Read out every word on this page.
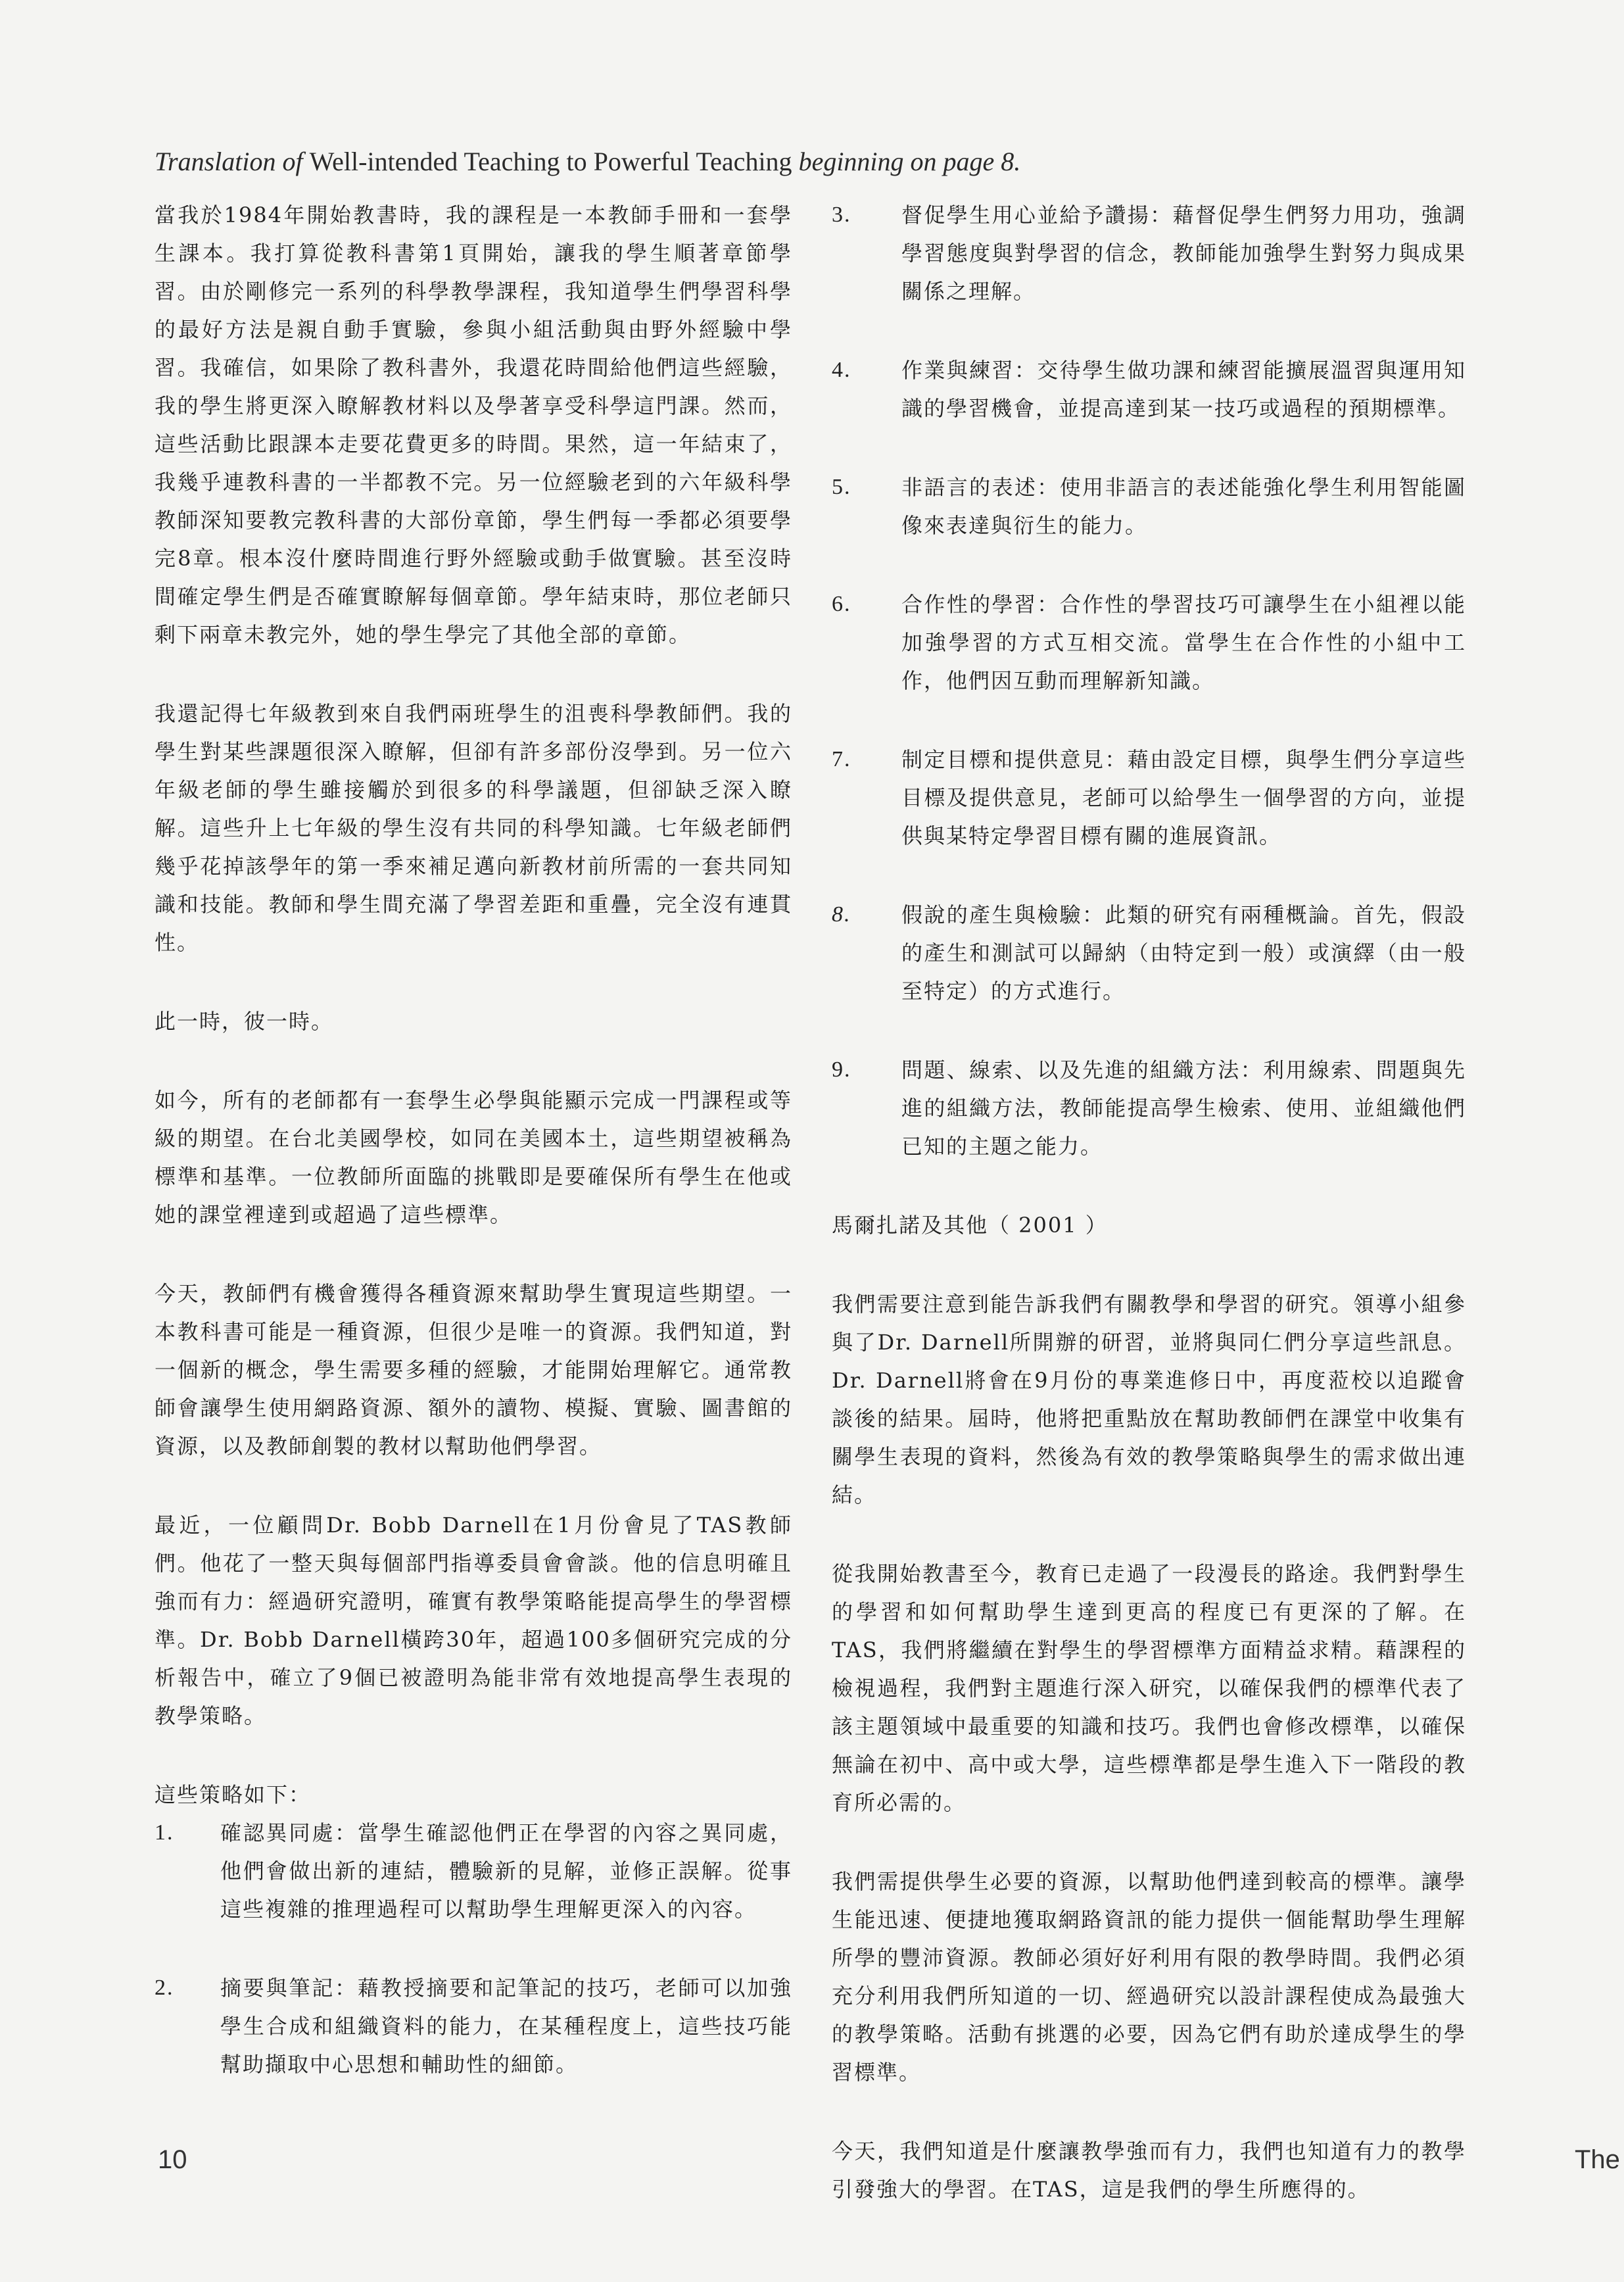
Translation of Well-intended Teaching to Powerful Teaching beginning on page 8.

當我於1984年開始教書時，我的課程是一本教師手冊和一套學生課本。我打算從教科書第1頁開始，讓我的學生順著章節學習。由於剛修完一系列的科學教學課程，我知道學生們學習科學的最好方法是親自動手實驗，參與小組活動與由野外經驗中學習。我確信，如果除了教科書外，我還花時間給他們這些經驗，我的學生將更深入瞭解教材料以及學著享受科學這門課。然而，這些活動比跟課本走要花費更多的時間。果然，這一年結束了，我幾乎連教科書的一半都教不完。另一位經驗老到的六年級科學教師深知要教完教科書的大部份章節，學生們每一季都必須要學完8章。根本沒什麼時間進行野外經驗或動手做實驗。甚至沒時間確定學生們是否確實瞭解每個章節。學年結束時，那位老師只剩下兩章未教完外，她的學生學完了其他全部的章節。

我還記得七年級教到來自我們兩班學生的沮喪科學教師們。我的學生對某些課題很深入瞭解，但卻有許多部份沒學到。另一位六年級老師的學生雖接觸於到很多的科學議題，但卻缺乏深入瞭解。這些升上七年級的學生沒有共同的科學知識。七年級老師們幾乎花掉該學年的第一季來補足邁向新教材前所需的一套共同知識和技能。教師和學生間充滿了學習差距和重疊，完全沒有連貫性。

此一時，彼一時。

如今，所有的老師都有一套學生必學與能顯示完成一門課程或等級的期望。在台北美國學校，如同在美國本土，這些期望被稱為標準和基準。一位教師所面臨的挑戰即是要確保所有學生在他或她的課堂裡達到或超過了這些標準。

今天，教師們有機會獲得各種資源來幫助學生實現這些期望。一本教科書可能是一種資源，但很少是唯一的資源。我們知道，對一個新的概念，學生需要多種的經驗，才能開始理解它。通常教師會讓學生使用網路資源、額外的讀物、模擬、實驗、圖書館的資源，以及教師創製的教材以幫助他們學習。

最近，一位顧問Dr. Bobb Darnell在1月份會見了TAS教師們。他花了一整天與每個部門指導委員會會談。他的信息明確且強而有力：經過研究證明，確實有教學策略能提高學生的學習標準。Dr. Bobb Darnell橫跨30年，超過100多個研究完成的分析報告中，確立了9個已被證明為能非常有效地提高學生表現的教學策略。

這些策略如下：

1.	確認異同處：當學生確認他們正在學習的內容之異同處，他們會做出新的連結，體驗新的見解，並修正誤解。從事這些複雜的推理過程可以幫助學生理解更深入的內容。
2.	摘要與筆記：藉教授摘要和記筆記的技巧，老師可以加強學生合成和組織資料的能力，在某種程度上，這些技巧能幫助擷取中心思想和輔助性的細節。
3.	督促學生用心並給予讚揚：藉督促學生們努力用功，強調學習態度與對學習的信念，教師能加強學生對努力與成果關係之理解。
4.	作業與練習：交待學生做功課和練習能擴展溫習與運用知識的學習機會，並提高達到某一技巧或過程的預期標準。
5.	非語言的表述：使用非語言的表述能強化學生利用智能圖像來表達與衍生的能力。
6.	合作性的學習：合作性的學習技巧可讓學生在小組裡以能加強學習的方式互相交流。當學生在合作性的小組中工作，他們因互動而理解新知識。
7.	制定目標和提供意見：藉由設定目標，與學生們分享這些目標及提供意見，老師可以給學生一個學習的方向，並提供與某特定學習目標有關的進展資訊。
8.	假說的產生與檢驗：此類的研究有兩種概論。首先，假設的產生和測試可以歸納（由特定到一般）或演繹（由一般至特定）的方式進行。
9.	問題、線索、以及先進的組織方法：利用線索、問題與先進的組織方法，教師能提高學生檢索、使用、並組織他們已知的主題之能力。

馬爾扎諾及其他（ 2001 ）

我們需要注意到能告訴我們有關教學和學習的研究。領導小組參與了Dr. Darnell所開辦的研習，並將與同仁們分享這些訊息。Dr. Darnell將會在9月份的專業進修日中，再度蒞校以追蹤會談後的結果。屆時，他將把重點放在幫助教師們在課堂中收集有關學生表現的資料，然後為有效的教學策略與學生的需求做出連結。

從我開始教書至今，教育已走過了一段漫長的路途。我們對學生的學習和如何幫助學生達到更高的程度已有更深的了解。在TAS，我們將繼續在對學生的學習標準方面精益求精。藉課程的檢視過程，我們對主題進行深入研究，以確保我們的標準代表了該主題領域中最重要的知識和技巧。我們也會修改標準，以確保無論在初中、高中或大學，這些標準都是學生進入下一階段的教育所必需的。

我們需提供學生必要的資源，以幫助他們達到較高的標準。讓學生能迅速、便捷地獲取網路資訊的能力提供一個能幫助學生理解所學的豐沛資源。教師必須好好利用有限的教學時間。我們必須充分利用我們所知道的一切、經過研究以設計課程使成為最強大的教學策略。活動有挑選的必要，因為它們有助於達成學生的學習標準。

今天，我們知道是什麼讓教學強而有力，我們也知道有力的教學引發強大的學習。在TAS，這是我們的學生所應得的。

10	The
